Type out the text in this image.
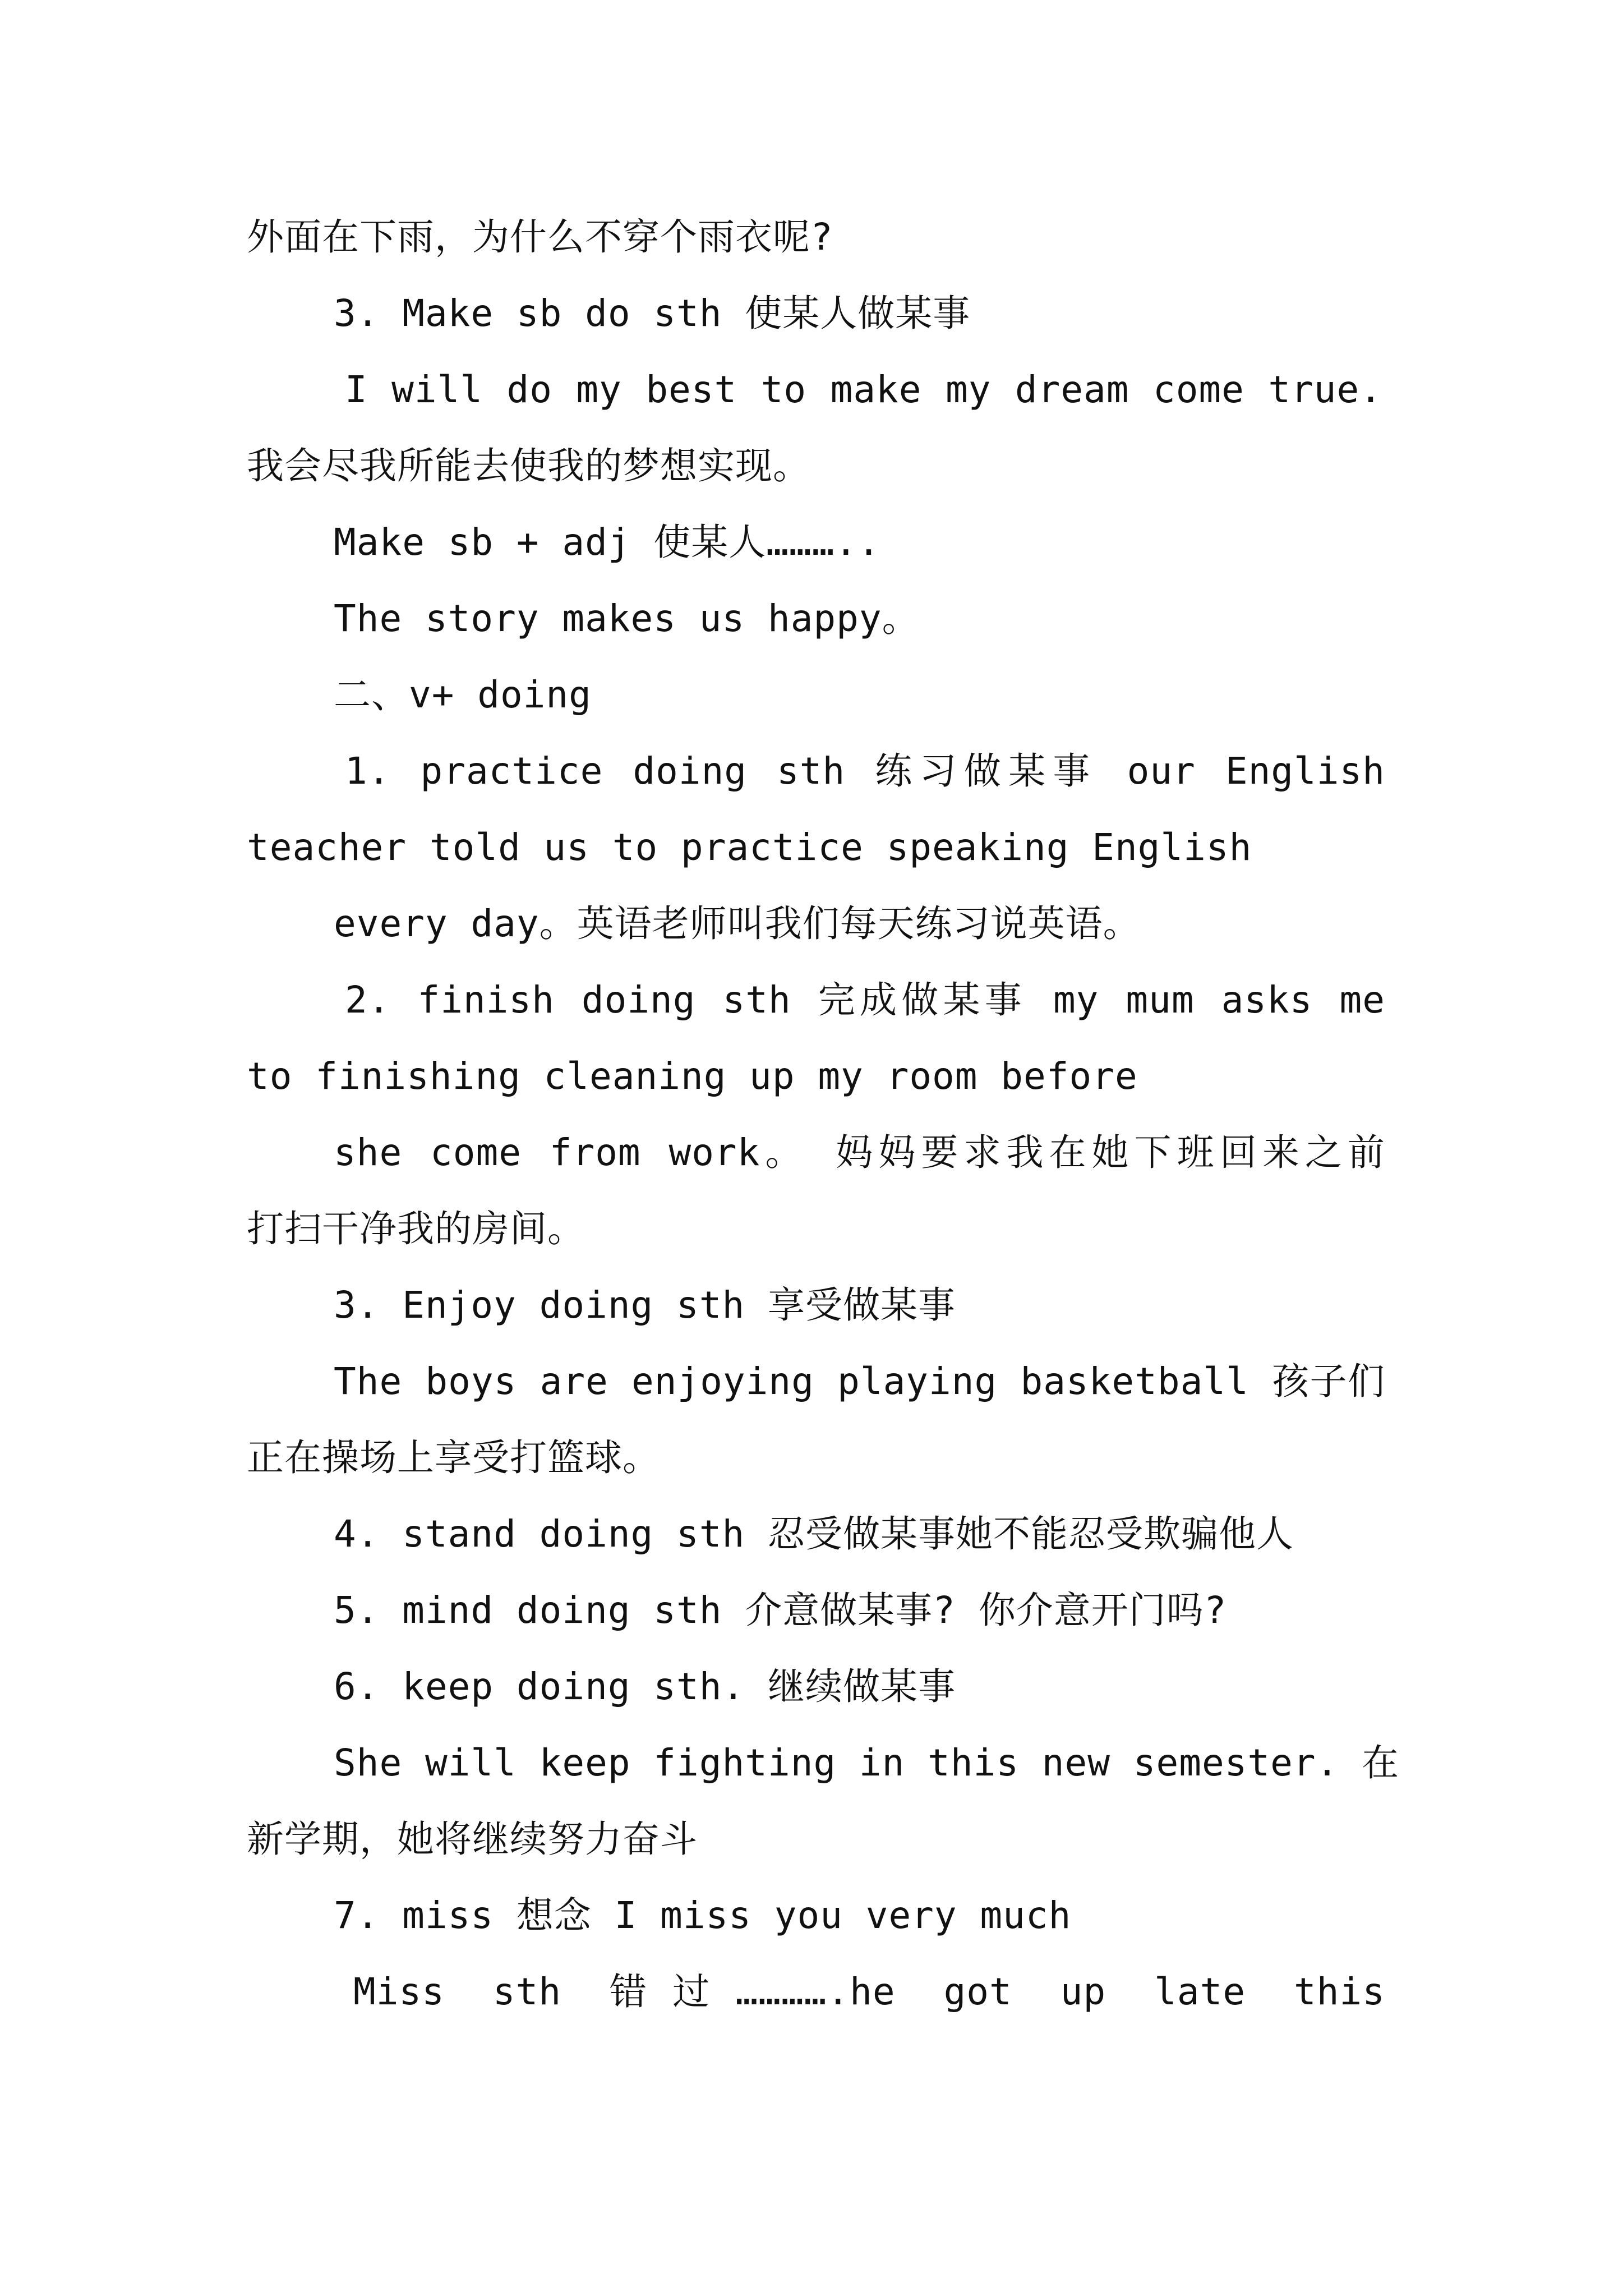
外面在下雨，为什么不穿个雨衣呢?
3. Make sb do sth 使某人做某事
I will do my best to make my dream come true.
我会尽我所能去使我的梦想实现。
Make sb + adj 使某人………..
The story makes us happy。
二、v+ doing
1. practice doing sth 练习做某事 our English
teacher told us to practice speaking English
every day。英语老师叫我们每天练习说英语。
2. finish doing sth 完成做某事 my mum asks me
to finishing cleaning up my room before
she come from work。 妈妈要求我在她下班回来之前
打扫干净我的房间。
3. Enjoy doing sth 享受做某事
The boys are enjoying playing basketball 孩子们
正在操场上享受打篮球。
4. stand doing sth 忍受做某事她不能忍受欺骗他人
5. mind doing sth 介意做某事? 你介意开门吗?
6. keep doing sth. 继续做某事
She will keep fighting in this new semester. 在
新学期，她将继续努力奋斗
7. miss 想念 I miss you very much
Miss sth 错过………….he got up late this
